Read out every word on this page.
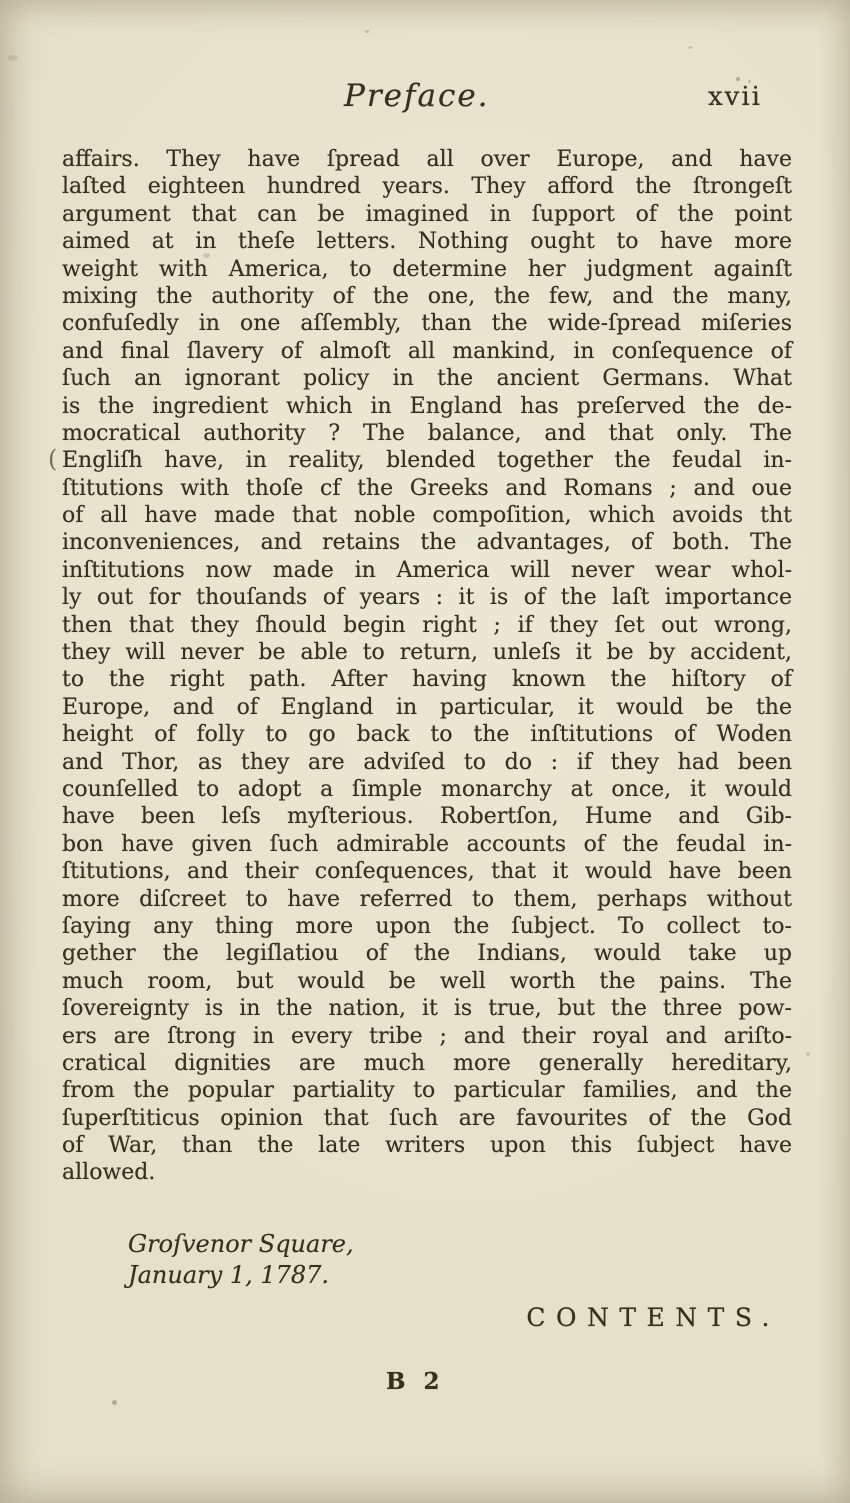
Preface.	xvii
affairs. They have ſpread all over Europe, and have
laſted eighteen hundred years. They afford the ſtrongeſt
argument that can be imagined in ſupport of the point
aimed at in theſe letters. Nothing ought to have more
weight with America, to determine her judgment againſt
mixing the authority of the one, the few, and the many,
confuſedly in one aſſembly, than the wide-ſpread miſeries
and final ſlavery of almoſt all mankind, in conſequence of
ſuch an ignorant policy in the ancient Germans. What
is the ingredient which in England has preſerved the de-
mocratical authority ? The balance, and that only. The
Engliſh have, in reality, blended together the feudal in-
ſtitutions with thoſe cf the Greeks and Romans ; and oue
of all have made that noble compoſition, which avoids tht
inconveniences, and retains the advantages, of both. The
inſtitutions now made in America will never wear whol-
ly out for thouſands of years : it is of the laſt importance
then that they ſhould begin right ; if they ſet out wrong,
they will never be able to return, unleſs it be by accident,
to the right path. After having known the hiſtory of
Europe, and of England in particular, it would be the
height of folly to go back to the inſtitutions of Woden
and Thor, as they are adviſed to do : if they had been
counſelled to adopt a ſimple monarchy at once, it would
have been leſs myſterious. Robertſon, Hume and Gib-
bon have given ſuch admirable accounts of the feudal in-
ſtitutions, and their conſequences, that it would have been
more diſcreet to have referred to them, perhaps without
ſaying any thing more upon the ſubject. To collect to-
gether the legiſlatiou of the Indians, would take up
much room, but would be well worth the pains. The
ſovereignty is in the nation, it is true, but the three pow-
ers are ſtrong in every tribe ; and their royal and ariſto-
cratical dignities are much more generally hereditary,
from the popular partiality to particular families, and the
ſuperſtiticus opinion that ſuch are favourites of the God
of War, than the late writers upon this ſubject have
allowed.
(
Groſvenor Square,
January 1, 1787.
CONTENTS.
B 2
